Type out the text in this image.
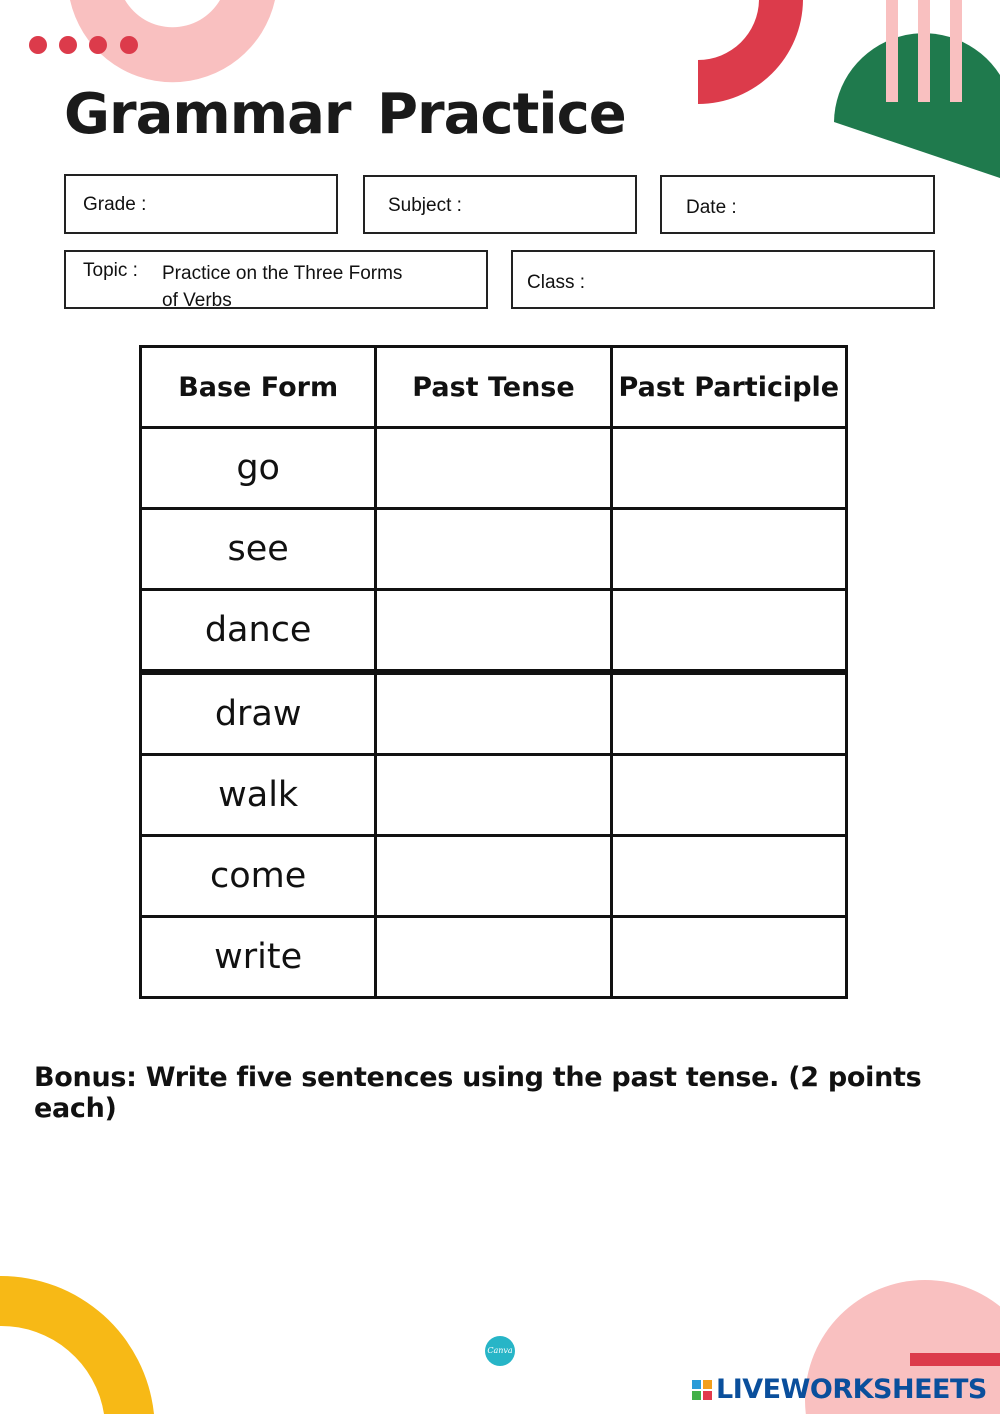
Grammar Practice
Grade :	Subject :	Date :
Topic : Practice on the Three Forms
of Verbs
Class :
Base Form	Past Tense	Past Participle
go		
see		
dance		
draw		
walk		
come		
write		
Bonus: Write five sentences using the past tense. (2 points each)
Canva
LIVEWORKSHEETS
